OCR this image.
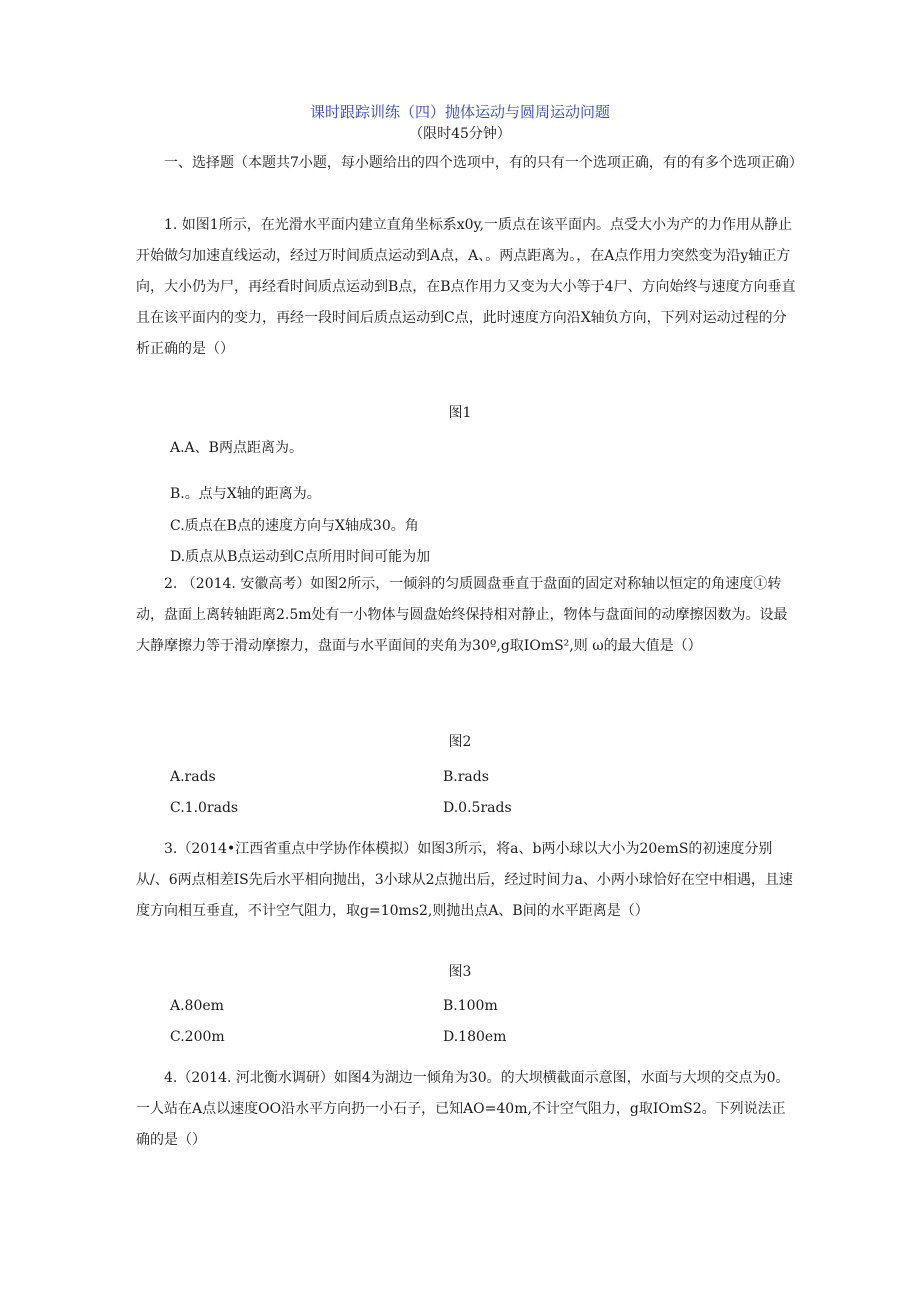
课时跟踪训练（四）抛体运动与圆周运动问题
（限时45分钟）
一、选择题（本题共7小题，每小题给出的四个选项中，有的只有一个选项正确，有的有多个选项正确）
1. 如图1所示，在光滑水平面内建立直角坐标系x0y,一质点在该平面内。点受大小为产的力作用从静止开始做匀加速直线运动，经过万时间质点运动到A点，A、。两点距离为。，在A点作用力突然变为沿y轴正方向，大小仍为尸，再经看时间质点运动到B点，在B点作用力又变为大小等于4尸、方向始终与速度方向垂直且在该平面内的变力，再经一段时间后质点运动到C点，此时速度方向沿X轴负方向，下列对运动过程的分析正确的是（）
图1
A.A、B两点距离为。
B.。点与X轴的距离为。
C.质点在B点的速度方向与X轴成30。角
D.质点从B点运动到C点所用时间可能为加
2. （2014. 安徽高考）如图2所示，一倾斜的匀质圆盘垂直于盘面的固定对称轴以恒定的角速度①转动，盘面上离转轴距离2.5m处有一小物体与圆盘始终保持相对静止，物体与盘面间的动摩擦因数为。设最大静摩擦力等于滑动摩擦力，盘面与水平面间的夹角为30º,g取IOmS²,则 ω的最大值是（）
图2
A.rads	B.rads
C.1.0rads	D.0.5rads
3.（2014•江西省重点中学协作体模拟）如图3所示，将a、b两小球以大小为20emS的初速度分别从/、6两点相差IS先后水平相向抛出，3小球从2点抛出后，经过时间力a、小两小球恰好在空中相遇，且速度方向相互垂直，不计空气阻力，取g=10ms2,则抛出点A、B间的水平距离是（）
图3
A.80em	B.100m
C.200m	D.180em
4.（2014. 河北衡水调研）如图4为湖边一倾角为30。的大坝横截面示意图，水面与大坝的交点为0。一人站在A点以速度OO沿水平方向扔一小石子，已知AO=40m,不计空气阻力，g取IOmS2。下列说法正确的是（）
